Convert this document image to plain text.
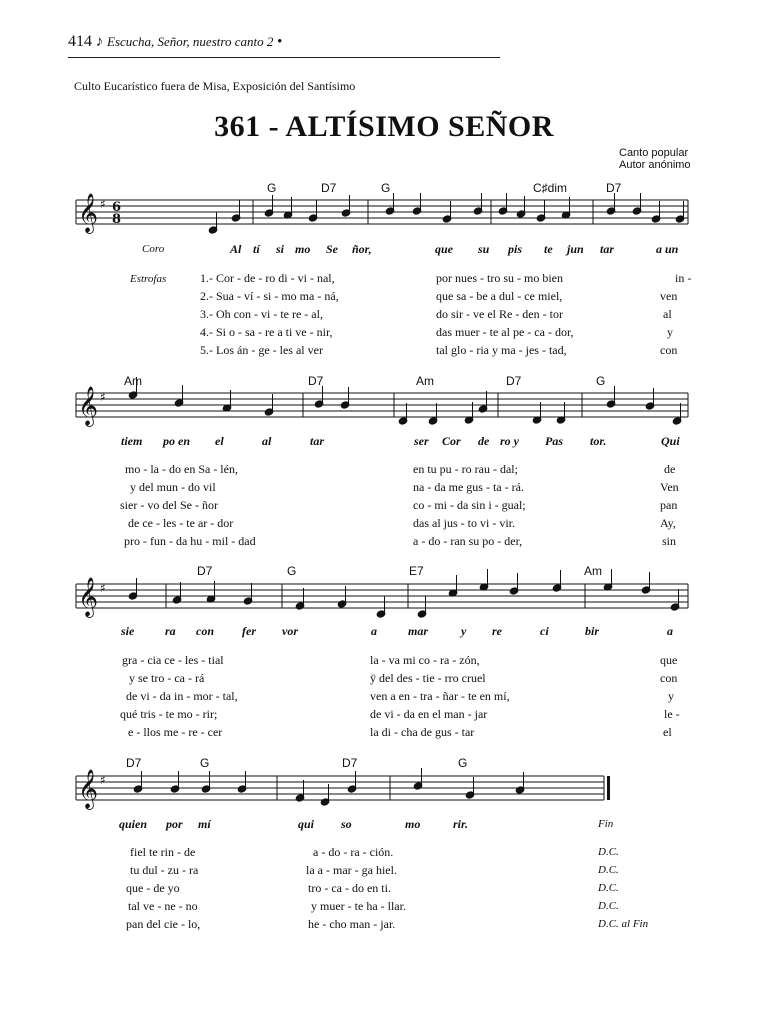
414 ♪ Escucha, Señor, nuestro canto 2 •
Culto Eucarístico fuera de Misa, Exposición del Santísimo
361 - ALTÍSIMO SEÑOR
Canto popular
Autor anónimo
𝄞 ♯ 6
8
𝄞 ♯
𝄞 ♯
𝄞 ♯
G	D7	G	C♯dim	D7
Coro	Al tí si mo Se ñor,	que su pis te jun tar	a un
Estrofas	1.- Cor - de - ro di - vi - nal,	por nues - tro su - mo bien	in -
2.- Sua - ví - si - mo ma - ná,	que sa - be a dul - ce miel,	ven
3.- Oh con - vi - te re - al,	do sir - ve el Re - den - tor	al
4.- Si o - sa - re a ti ve - nir,	das muer - te al pe - ca - dor,	y
5.- Los án - ge - les al ver	tal glo - ria y ma - jes - tad,	con
Am	D7	Am	D7	G
tiem po en el	al	tar	ser Cor de ro y Pas tor.	Qui
mo - la - do en Sa - lén,	en tu pu - ro rau - dal;	de
y del mun - do vil	na - da me gus - ta - rá.	Ven
sier - vo del Se - ñor	co - mi - da sin i - gual;	pan
de ce - les - te ar - dor	das al jus - to vi - vir.	Ay,
pro - fun - da hu - mil - dad	a - do - ran su po - der,	sin
D7	G	E7	Am
sie	ra con fer vor	a	mar	y re	ci	bir	a
gra - cia ce - les - tial	la - va mi co - ra - zón,	que
y se tro - ca - rá	ÿ del des - tie - rro cruel	con
de vi - da in - mor - tal,	ven a en - tra - ñar - te en mí,	y
qué tris - te mo - rir;	de vi - da en el man - jar	le -
e - llos me - re - cer	la di - cha de gus - tar	el
D7	G	D7	G
quien por mí	qui so	mo	rir.	Fin
fiel te rin - de	a - do - ra - ción.	D.C.
tu dul - zu - ra	la a - mar - ga hiel.	D.C.
que - de yo	tro - ca - do en ti.	D.C.
tal ve - ne - no	y muer - te ha - llar.	D.C.
pan del cie - lo,	he - cho man - jar.	D.C. al Fin
